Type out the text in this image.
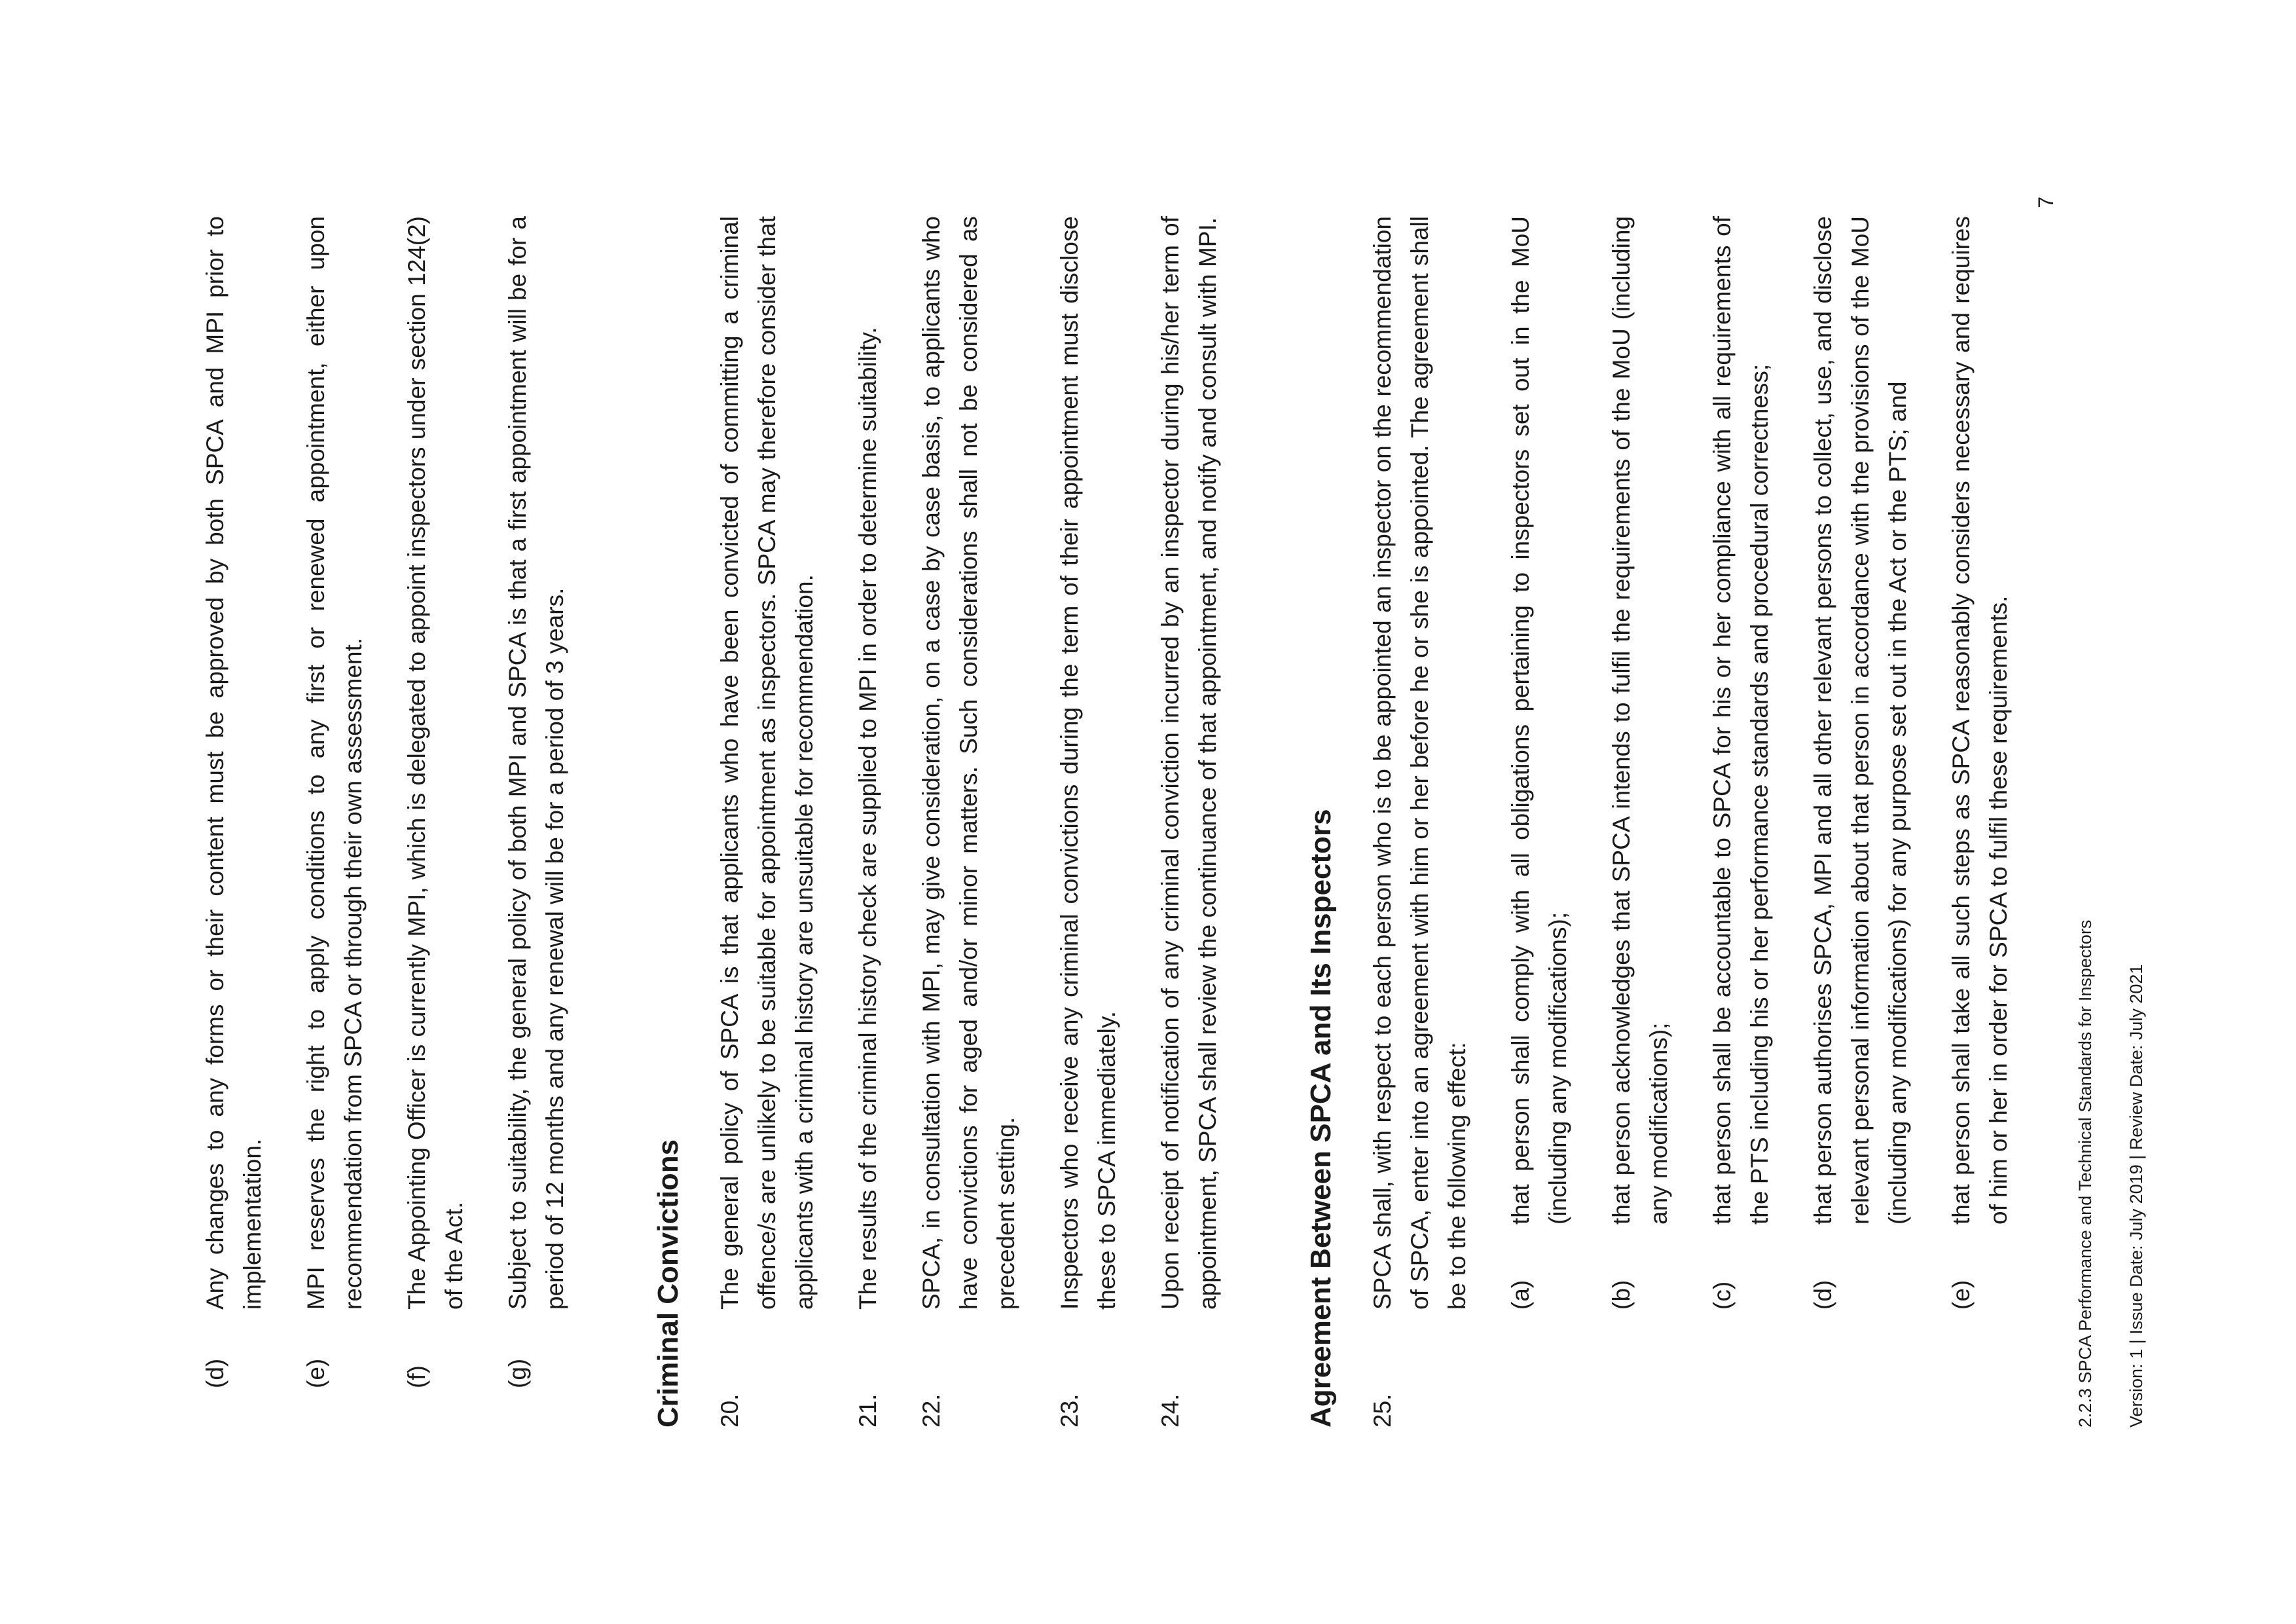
(d)
Any changes to any forms or their content must be approved by both SPCA and MPI prior to implementation.
(e)
MPI reserves the right to apply conditions to any first or renewed appointment, either upon recommendation from SPCA or through their own assessment.
(f)
The Appointing Officer is currently MPI, which is delegated to appoint inspectors under section 124(2) of the Act.
(g)
Subject to suitability, the general policy of both MPI and SPCA is that a first appointment will be for a period of 12 months and any renewal will be for a period of 3 years.	Criminal Convictions 20.
The general policy of SPCA is that applicants who have been convicted of committing a criminal offence/s are unlikely to be suitable for appointment as inspectors. SPCA may therefore consider that applicants with a criminal history are unsuitable for recommendation.
21.
The results of the criminal history check are supplied to MPI in order to determine suitability.
22.
SPCA, in consultation with MPI, may give consideration, on a case by case basis, to applicants who have convictions for aged and/or minor matters. Such considerations shall not be considered as precedent setting.
23.
Inspectors who receive any criminal convictions during the term of their appointment must disclose these to SPCA immediately.
24.
Upon receipt of notification of any criminal conviction incurred by an inspector during his/her term of appointment, SPCA shall review the continuance of that appointment, and notify and consult with MPI.	Agreement Between SPCA and Its Inspectors 25.
SPCA shall, with respect to each person who is to be appointed an inspector on the recommendation of SPCA, enter into an agreement with him or her before he or she is appointed. The agreement shall be to the following effect: (a)
that person shall comply with all obligations pertaining to inspectors set out in the MoU (including any modifications);
(b)
that person acknowledges that SPCA intends to fulfil the requirements of the MoU (including any modifications);
(c)
that person shall be accountable to SPCA for his or her compliance with all requirements of the PTS including his or her performance standards and procedural correctness;
(d)
that person authorises SPCA, MPI and all other relevant persons to collect, use, and disclose relevant personal information about that person in accordance with the provisions of the MoU (including any modifications) for any purpose set out in the Act or the PTS; and
(e)
that person shall take all such steps as SPCA reasonably considers necessary and requires of him or her in order for SPCA to fulfil these requirements.	2.2.3 SPCA Performance and Technical Standards for Inspectors Version: 1 | Issue Date: July 2019 | Review Date: July 2021
7
